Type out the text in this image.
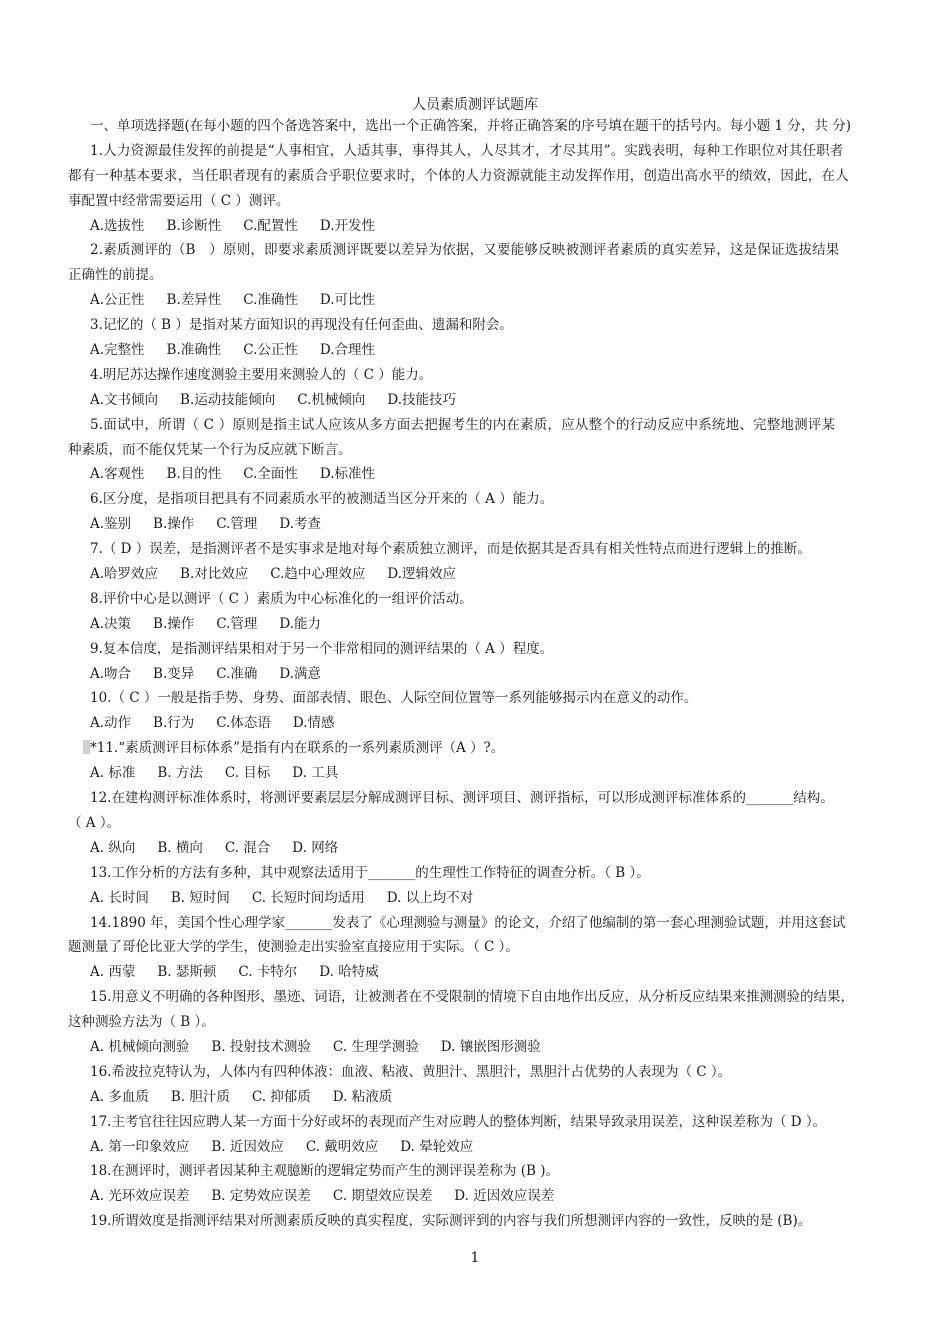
人员素质测评试题库
一、单项选择题(在每小题的四个备选答案中，选出一个正确答案，并将正确答案的序号填在题干的括号内。每小题 1 分，共 分)
1.人力资源最佳发挥的前提是“人事相宜，人适其事，事得其人，人尽其才，才尽其用”。实践表明，每种工作职位对其任职者
都有一种基本要求，当任职者现有的素质合乎职位要求时，个体的人力资源就能主动发挥作用，创造出高水平的绩效，因此，在人
事配置中经常需要运用（ C ）测评。
A.选拔性 B.诊断性 C.配置性 D.开发性
2.素质测评的（B　）原则，即要求素质测评既要以差异为依据，又要能够反映被测评者素质的真实差异，这是保证选拔结果
正确性的前提。
A.公正性 B.差异性 C.准确性 D.可比性
3.记忆的（ B ）是指对某方面知识的再现没有任何歪曲、遗漏和附会。
A.完整性 B.准确性 C.公正性 D.合理性
4.明尼苏达操作速度测验主要用来测验人的（ C ）能力。
A.文书倾向 B.运动技能倾向 C.机械倾向 D.技能技巧
5.面试中，所谓（ C ）原则是指主试人应该从多方面去把握考生的内在素质，应从整个的行动反应中系统地、完整地测评某
种素质，而不能仅凭某一个行为反应就下断言。
A.客观性 B.目的性 C.全面性 D.标准性
6.区分度，是指项目把具有不同素质水平的被测适当区分开来的（ A ）能力。
A.鉴别 B.操作 C.管理 D.考查
7.（ D ）误差，是指测评者不是实事求是地对每个素质独立测评，而是依据其是否具有相关性特点而进行逻辑上的推断。
A.哈罗效应 B.对比效应 C.趋中心理效应 D.逻辑效应
8.评价中心是以测评（ C ）素质为中心标准化的一组评价活动。
A.决策 B.操作 C.管理 D.能力
9.复本信度，是指测评结果相对于另一个非常相同的测评结果的（ A ）程度。
A.吻合 B.变异 C.准确 D.满意
10.（ C ）一般是指手势、身势、面部表情、眼色、人际空间位置等一系列能够揭示内在意义的动作。
A.动作 B.行为 C.体态语 D.情感
*11.“素质测评目标体系”是指有内在联系的一系列素质测评（A ）?。
A. 标准 B. 方法 C. 目标 D. 工具
12.在建构测评标准体系时，将测评要素层层分解成测评目标、测评项目、测评指标，可以形成测评标准体系的_______结构。
（ A ）。
A. 纵向 B. 横向 C. 混合 D. 网络
13.工作分析的方法有多种，其中观察法适用于_______的生理性工作特征的调查分析。（ B ）。
A. 长时间 B. 短时间 C. 长短时间均适用 D. 以上均不对
14.1890 年，美国个性心理学家_______发表了《心理测验与测量》的论文，介绍了他编制的第一套心理测验试题，并用这套试
题测量了哥伦比亚大学的学生，使测验走出实验室直接应用于实际。（ C ）。
A. 西蒙 B. 瑟斯顿 C. 卡特尔 D. 哈特威
15.用意义不明确的各种图形、墨迹、词语，让被测者在不受限制的情境下自由地作出反应，从分析反应结果来推测测验的结果，
这种测验方法为（ B ）。
A. 机械倾向测验 B. 投射技术测验 C. 生理学测验 D. 镶嵌图形测验
16.希波拉克特认为，人体内有四种体液：血液、粘液、黄胆汁、黑胆汁，黑胆汁占优势的人表现为（ C ）。
A. 多血质 B. 胆汁质 C. 抑郁质 D. 粘液质
17.主考官往往因应聘人某一方面十分好或坏的表现而产生对应聘人的整体判断，结果导致录用误差，这种误差称为（ D ）。
A. 第一印象效应 B. 近因效应 C. 戴明效应 D. 晕轮效应
18.在测评时，测评者因某种主观臆断的逻辑定势而产生的测评误差称为 (B )。
A. 光环效应误差 B. 定势效应误差 C. 期望效应误差 D. 近因效应误差
19.所谓效度是指测评结果对所测素质反映的真实程度，实际测评到的内容与我们所想测评内容的一致性，反映的是 (B)。
1
